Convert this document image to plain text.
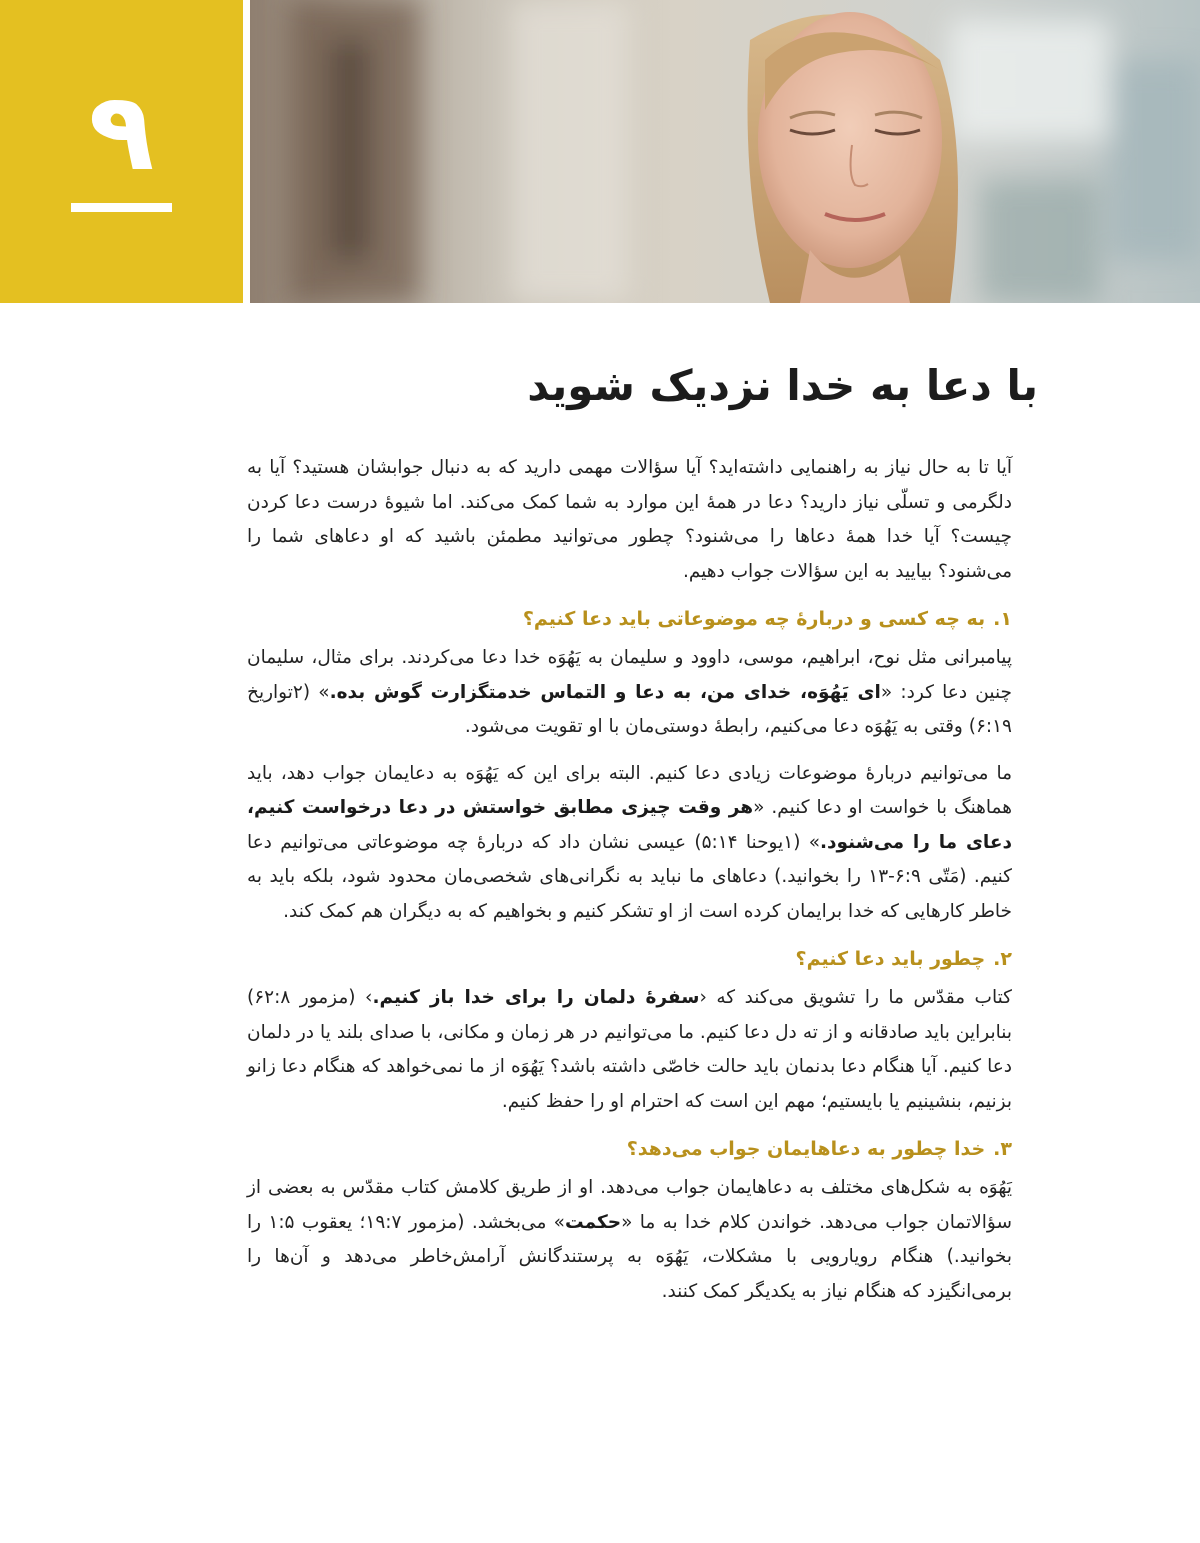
۹
با دعا به خدا نزدیک شوید

آیا تا به حال نیاز به راهنمایی داشته‌اید؟ آیا سؤالات مهمی دارید که به دنبال جوابشان هستید؟ آیا به دلگرمی و تسلّی نیاز دارید؟ دعا در همهٔ این موارد به شما کمک می‌کند. اما شیوهٔ درست دعا کردن چیست؟ آیا خدا همهٔ دعاها را می‌شنود؟ چطور می‌توانید مطمئن باشید که او دعاهای شما را می‌شنود؟ بیایید به این سؤالات جواب دهیم.

۱.به چه کسی و دربارهٔ چه موضوعاتی باید دعا کنیم؟

پیامبرانی مثل نوح، ابراهیم، موسی، داوود و سلیمان به یَهُوَه خدا دعا می‌کردند. برای مثال، سلیمان چنین دعا کرد: «ای یَهُوَه، خدای من، به دعا و التماس خدمتگزارت گوش بده.» (۲تواریخ ۶:۱۹) وقتی به یَهُوَه دعا می‌کنیم، رابطهٔ دوستی‌مان با او تقویت می‌شود.

ما می‌توانیم دربارهٔ موضوعات زیادی دعا کنیم. البته برای این که یَهُوَه به دعایمان جواب دهد، باید هماهنگ با خواست او دعا کنیم. «هر وقت چیزی مطابق خواستش در دعا درخواست کنیم، دعای ما را می‌شنود.» (۱یوحنا ۵:۱۴) عیسی نشان داد که دربارهٔ چه موضوعاتی می‌توانیم دعا کنیم. (مَتّی ۶:۹-۱۳ را بخوانید.) دعاهای ما نباید به نگرانی‌های شخصی‌مان محدود شود، بلکه باید به خاطر کارهایی که خدا برایمان کرده است از او تشکر کنیم و بخواهیم که به دیگران هم کمک کند.

۲.چطور باید دعا کنیم؟

کتاب مقدّس ما را تشویق می‌کند که ‹سفرهٔ دلمان را برای خدا باز کنیم.› (مزمور ۶۲:۸) بنابراین باید صادقانه و از ته دل دعا کنیم. ما می‌توانیم در هر زمان و مکانی، با صدای بلند یا در دلمان دعا کنیم. آیا هنگام دعا بدنمان باید حالت خاصّی داشته باشد؟ یَهُوَه از ما نمی‌خواهد که هنگام دعا زانو بزنیم، بنشینیم یا بایستیم؛ مهم این است که احترام او را حفظ کنیم.

۳.خدا چطور به دعاهایمان جواب می‌دهد؟

یَهُوَه به شکل‌های مختلف به دعاهایمان جواب می‌دهد. او از طریق کلامش کتاب مقدّس به بعضی از سؤالاتمان جواب می‌دهد. خواندن کلام خدا به ما «حکمت» می‌بخشد. (مزمور ۱۹:۷؛ یعقوب ۱:۵ را بخوانید.) هنگام رویارویی با مشکلات، یَهُوَه به پرستندگانش آرامش‌خاطر می‌دهد و آن‌ها را برمی‌انگیزد که هنگام نیاز به یکدیگر کمک کنند.
